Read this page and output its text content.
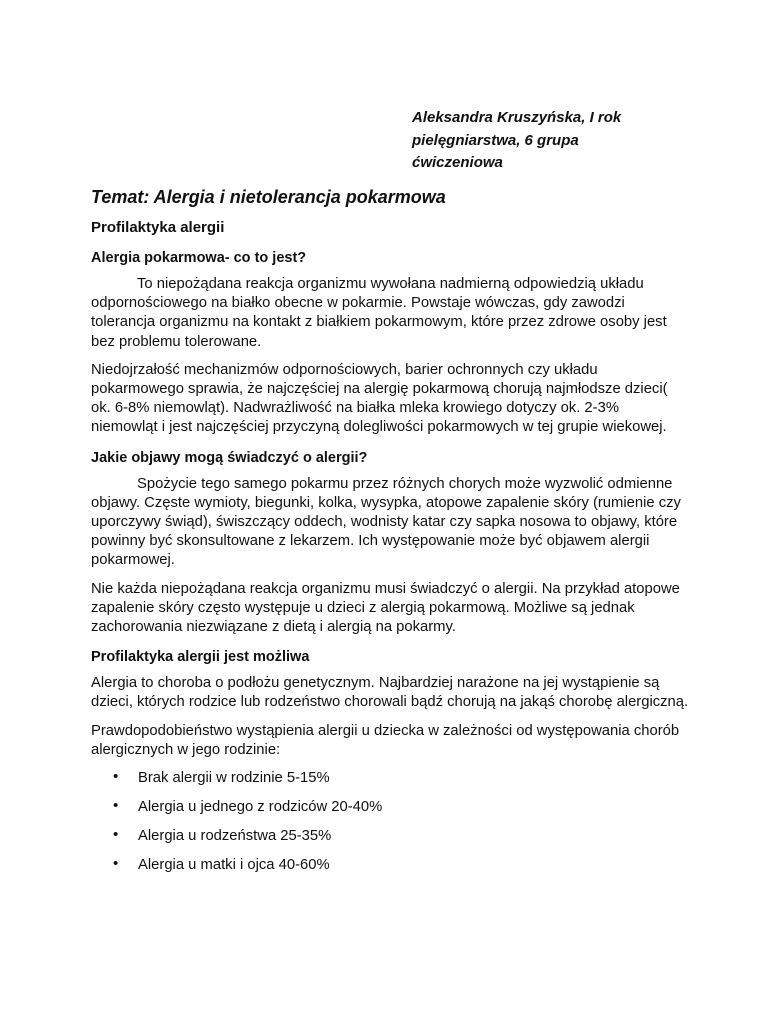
Aleksandra Kruszyńska, I rok
pielęgniarstwa, 6 grupa
ćwiczeniowa
Temat: Alergia i nietolerancja pokarmowa
Profilaktyka alergii
Alergia pokarmowa- co to jest?

To niepożądana reakcja organizmu wywołana nadmierną odpowiedzią układu odpornościowego na białko obecne w pokarmie. Powstaje wówczas, gdy zawodzi tolerancja organizmu na kontakt z białkiem pokarmowym, które przez zdrowe osoby jest bez problemu tolerowane.

Niedojrzałość mechanizmów odpornościowych, barier ochronnych czy układu pokarmowego sprawia, że najczęściej na alergię pokarmową chorują najmłodsze dzieci( ok. 6-8% niemowląt). Nadwrażliwość na białka mleka krowiego dotyczy ok. 2-3% niemowląt i jest najczęściej przyczyną dolegliwości pokarmowych w tej grupie wiekowej.

Jakie objawy mogą świadczyć o alergii?

Spożycie tego samego pokarmu przez różnych chorych może wyzwolić odmienne objawy. Częste wymioty, biegunki, kolka, wysypka, atopowe zapalenie skóry (rumienie czy uporczywy świąd), świszczący oddech, wodnisty katar czy sapka nosowa to objawy, które powinny być skonsultowane z lekarzem. Ich występowanie może być objawem alergii pokarmowej.

Nie każda niepożądana reakcja organizmu musi świadczyć o alergii. Na przykład atopowe zapalenie skóry często występuje u dzieci z alergią pokarmową. Możliwe są jednak zachorowania niezwiązane z dietą i alergią na pokarmy.

Profilaktyka alergii jest możliwa

Alergia to choroba o podłożu genetycznym. Najbardziej narażone na jej wystąpienie są dzieci, których rodzice lub rodzeństwo chorowali bądź chorują na jakąś chorobę alergiczną.

Prawdopodobieństwo wystąpienia alergii u dziecka w zależności od występowania chorób alergicznych w jego rodzinie:

• Brak alergii w rodzinie 5-15%
• Alergia u jednego z rodziców 20-40%
• Alergia u rodzeństwa 25-35%
• Alergia u matki i ojca 40-60%
